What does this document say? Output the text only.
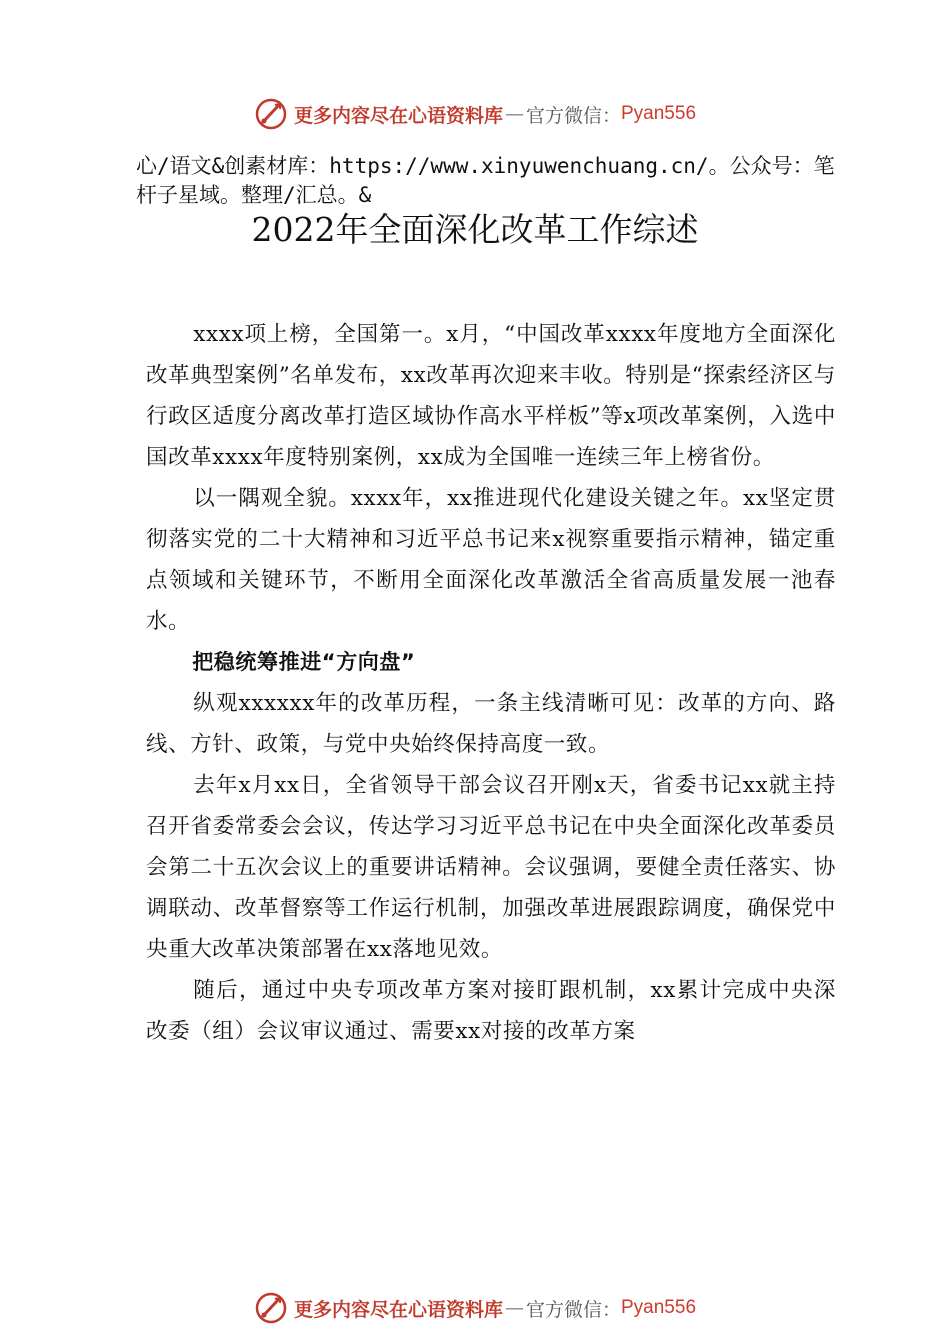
更多内容尽在心语资料库 — 官方微信： Pyan556
心/语文&创素材库：https://www.xinyuwenchuang.cn/。公众号：笔杆子星域。整理/汇总。&
2022年全面深化改革工作综述

xxxx项上榜，全国第一。x月，“中国改革xxxx年度地方全面深化改革典型案例”名单发布，xx改革再次迎来丰收。特别是“探索经济区与行政区适度分离改革打造区域协作高水平样板”等x项改革案例，入选中国改革xxxx年度特别案例，xx成为全国唯一连续三年上榜省份。

以一隅观全貌。xxxx年，xx推进现代化建设关键之年。xx坚定贯彻落实党的二十大精神和习近平总书记来x视察重要指示精神，锚定重点领域和关键环节，不断用全面深化改革激活全省高质量发展一池春水。

把稳统筹推进“方向盘”

纵观xxxxxx年的改革历程，一条主线清晰可见：改革的方向、路线、方针、政策，与党中央始终保持高度一致。

去年x月xx日，全省领导干部会议召开刚x天，省委书记xx就主持召开省委常委会会议，传达学习习近平总书记在中央全面深化改革委员会第二十五次会议上的重要讲话精神。会议强调，要健全责任落实、协调联动、改革督察等工作运行机制，加强改革进展跟踪调度，确保党中央重大改革决策部署在xx落地见效。

随后，通过中央专项改革方案对接盯跟机制，xx累计完成中央深改委（组）会议审议通过、需要xx对接的改革方案

更多内容尽在心语资料库 — 官方微信： Pyan556
